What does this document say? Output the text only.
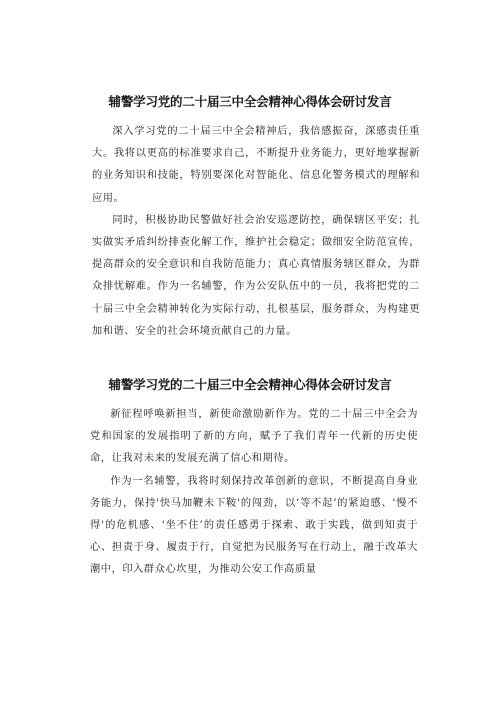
辅警学习党的二十届三中全会精神心得体会研讨发言

深入学习党的二十届三中全会精神后，我倍感振奋，深感责任重大。我将以更高的标准要求自己，不断提升业务能力，更好地掌握新的业务知识和技能，特别要深化对智能化、信息化警务模式的理解和应用。

同时，积极协助民警做好社会治安巡逻防控，确保辖区平安；扎实做实矛盾纠纷排查化解工作，维护社会稳定；做细安全防范宣传，提高群众的安全意识和自我防范能力；真心真情服务辖区群众，为群众排忧解难。作为一名辅警，作为公安队伍中的一员，我将把党的二十届三中全会精神转化为实际行动，扎根基层，服务群众，为构建更加和谐、安全的社会环境贡献自己的力量。

辅警学习党的二十届三中全会精神心得体会研讨发言

新征程呼唤新担当，新使命激励新作为。党的二十届三中全会为党和国家的发展指明了新的方向，赋予了我们青年一代新的历史使命，让我对未来的发展充满了信心和期待。

作为一名辅警，我将时刻保持改革创新的意识，不断提高自身业务能力，保持'快马加鞭未下鞍'的闯劲，以‘等不起’的紧迫感、'慢不得'的危机感、'坐不住’的责任感勇于探索、敢于实践，做到知责于心、担责于身、履责于行，自觉把为民服务写在行动上，融于改革大潮中，印入群众心坎里，为推动公安工作高质量
